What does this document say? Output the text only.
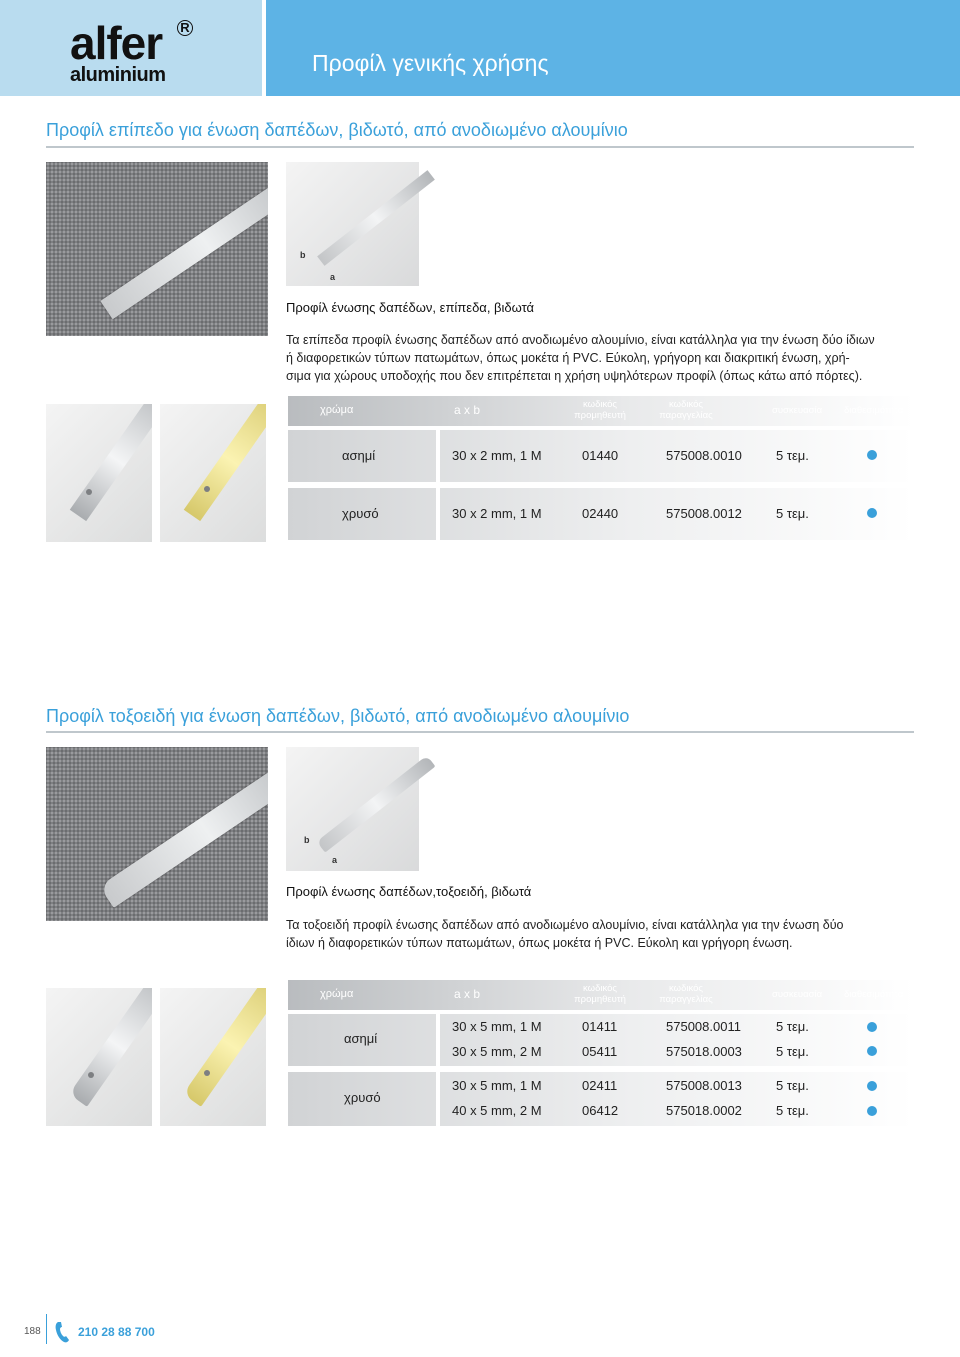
alfer R
aluminium	Προφίλ γενικής χρήσης
Προφίλ επίπεδο για ένωση δαπέδων, βιδωτό, από ανοδιωμένο αλουμίνιο
b
a
Προφίλ ένωσης δαπέδων, επίπεδα, βιδωτά
Τα επίπεδα προφίλ ένωσης δαπέδων από ανοδιωμένο αλουμίνιο, είναι κατάλληλα για την ένωση δύο ίδιων
ή διαφορετικών τύπων πατωμάτων, όπως μοκέτα ή PVC. Εύκολη, γρήγορη και διακριτική ένωση, χρή-
σιμα για χώρους υποδοχής που δεν επιτρέπεται η χρήση υψηλότερων προφίλ (όπως κάτω από πόρτες).
χρώμα	a x b	κωδικός
προμηθευτή
κωδικός
παραγγελίας	συσκευασία διαθεσιμότητα
ασημί	30 x 2 mm, 1 M	01440	575008.0010	5 τεμ.
χρυσό	30 x 2 mm, 1 M	02440	575008.0012	5 τεμ.
Προφίλ τοξοειδή για ένωση δαπέδων, βιδωτό, από ανοδιωμένο αλουμίνιο
b
a
Προφίλ ένωσης δαπέδων,τοξοειδή, βιδωτά
Τα τοξοειδή προφίλ ένωσης δαπέδων από ανοδιωμένο αλουμίνιο, είναι κατάλληλα για την ένωση δύο
ίδιων ή διαφορετικών τύπων πατωμάτων, όπως μοκέτα ή PVC. Εύκολη και γρήγορη ένωση.
χρώμα	a x b	κωδικός
προμηθευτή
κωδικός
παραγγελίας	συσκευασία διαθεσιμότητα
ασημί
30 x 5 mm, 1 M	01411	575008.0011	5 τεμ.
30 x 5 mm, 2 M	05411	575018.0003	5 τεμ.
χρυσό
30 x 5 mm, 1 M	02411	575008.0013	5 τεμ.
40 x 5 mm, 2 M	06412	575018.0002	5 τεμ.
188	210 28 88 700
